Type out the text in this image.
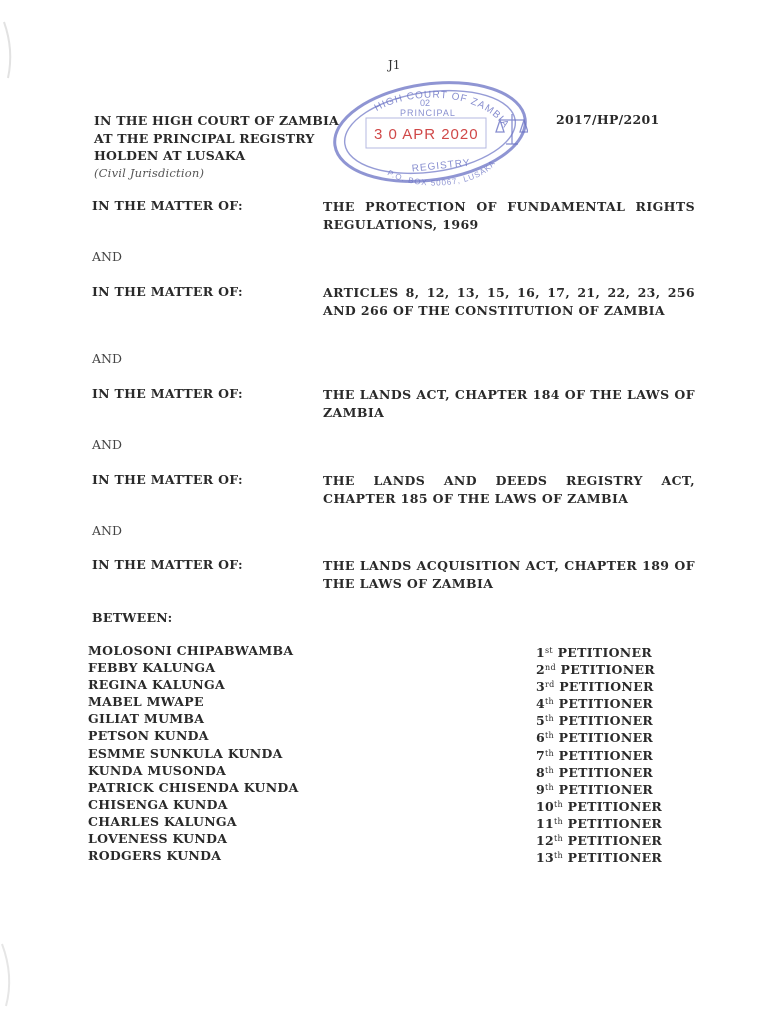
J1
HIGH COURT OF ZAMBIA
02
PRINCIPAL
REGISTRY
P.O. BOX 50067, LUSAKA
3 0 APR 2020
IN THE HIGH COURT OF ZAMBIA
AT THE PRINCIPAL REGISTRY
HOLDEN AT LUSAKA
(Civil Jurisdiction)
2017/HP/2201
IN THE MATTER OF:	THE PROTECTION OF FUNDAMENTAL RIGHTS REGULATIONS, 1969
AND
IN THE MATTER OF:	ARTICLES 8, 12, 13, 15, 16, 17, 21, 22, 23, 256 AND 266 OF THE CONSTITUTION OF ZAMBIA
AND
IN THE MATTER OF:	THE LANDS ACT, CHAPTER 184 OF THE LAWS OF ZAMBIA
AND
IN THE MATTER OF:	THE LANDS AND DEEDS REGISTRY ACT, CHAPTER 185 OF THE LAWS OF ZAMBIA
AND
IN THE MATTER OF:	THE LANDS ACQUISITION ACT, CHAPTER 189 OF THE LAWS OF ZAMBIA
BETWEEN:
MOLOSONI CHIPABWAMBA	1st PETITIONER
FEBBY KALUNGA	2nd PETITIONER
REGINA KALUNGA	3rd PETITIONER
MABEL MWAPE	4th PETITIONER
GILIAT MUMBA	5th PETITIONER
PETSON KUNDA	6th PETITIONER
ESMME SUNKULA KUNDA	7th PETITIONER
KUNDA MUSONDA	8th PETITIONER
PATRICK CHISENDA KUNDA	9th PETITIONER
CHISENGA KUNDA	10th PETITIONER
CHARLES KALUNGA	11th PETITIONER
LOVENESS KUNDA	12th PETITIONER
RODGERS KUNDA	13th PETITIONER
